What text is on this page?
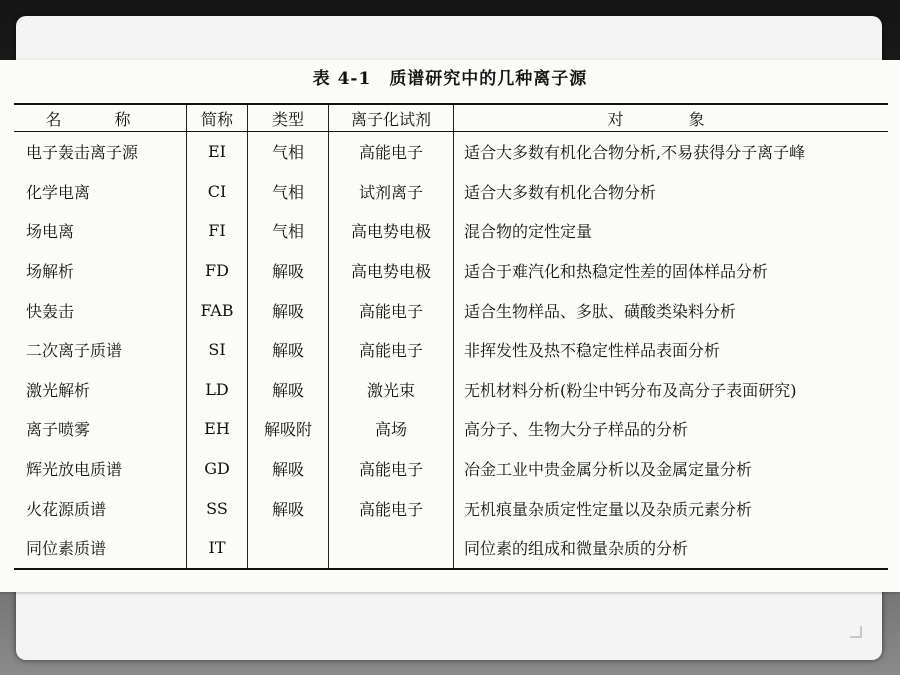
表 4-1 质谱研究中的几种离子源
名 称	简称	类型	离子化试剂	对 象
电子轰击离子源	EI	气相	高能电子	适合大多数有机化合物分析,不易获得分子离子峰
化学电离	CI	气相	试剂离子	适合大多数有机化合物分析
场电离	FI	气相	高电势电极	混合物的定性定量
场解析	FD	解吸	高电势电极	适合于难汽化和热稳定性差的固体样品分析
快轰击	FAB	解吸	高能电子	适合生物样品、多肽、磺酸类染料分析
二次离子质谱	SI	解吸	高能电子	非挥发性及热不稳定性样品表面分析
激光解析	LD	解吸	激光束	无机材料分析(粉尘中钙分布及高分子表面研究)
离子喷雾	EH	解吸附	高场	高分子、生物大分子样品的分析
辉光放电质谱	GD	解吸	高能电子	冶金工业中贵金属分析以及金属定量分析
火花源质谱	SS	解吸	高能电子	无机痕量杂质定性定量以及杂质元素分析
同位素质谱	IT			同位素的组成和微量杂质的分析
